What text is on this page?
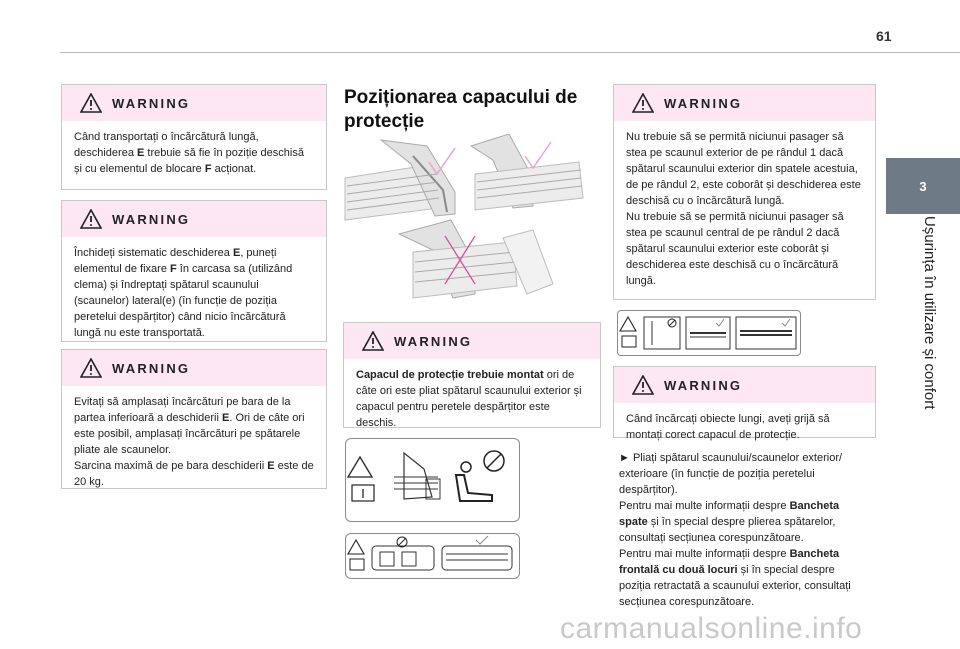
61
3
Ușurința în utilizare și confort
WARNING
Când transportați o încărcătură lungă, deschiderea E trebuie să fie în poziție deschisă și cu elementul de blocare F acționat.
WARNING
Închideți sistematic deschiderea E, puneți elementul de fixare F în carcasa sa (utilizând clema) și îndreptați spătarul scaunului (scaunelor) lateral(e) (în funcție de poziția peretelui despărțitor) când nicio încărcătură lungă nu este transportată.
WARNING
Evitați să amplasați încărcături pe bara de la partea inferioară a deschiderii E. Ori de câte ori este posibil, amplasați încărcături pe spătarele pliate ale scaunelor.
Sarcina maximă de pe bara deschiderii E este de 20 kg.
Poziționarea capacului de protecție
WARNING
Capacul de protecție trebuie montat ori de câte ori este pliat spătarul scaunului exterior și capacul pentru peretele despărțitor este deschis.
WARNING
Nu trebuie să se permită niciunui pasager să stea pe scaunul exterior de pe rândul 1 dacă spătarul scaunului exterior din spatele acestuia, de pe rândul 2, este coborât și deschiderea este deschisă cu o încărcătură lungă.
Nu trebuie să se permită niciunui pasager să stea pe scaunul central de pe rândul 2 dacă spătarul scaunului exterior este coborât și deschiderea este deschisă cu o încărcătură lungă.
WARNING
Când încărcați obiecte lungi, aveți grijă să montați corect capacul de protecție.
► Pliați spătarul scaunului/scaunelor exterior/ exterioare (în funcție de poziția peretelui despărțitor).
Pentru mai multe informații despre Bancheta spate și în special despre plierea spătarelor, consultați secțiunea corespunzătoare.
Pentru mai multe informații despre Bancheta frontală cu două locuri și în special despre poziția retractată a scaunului exterior, consultați secțiunea corespunzătoare.
carmanualsonline.info
